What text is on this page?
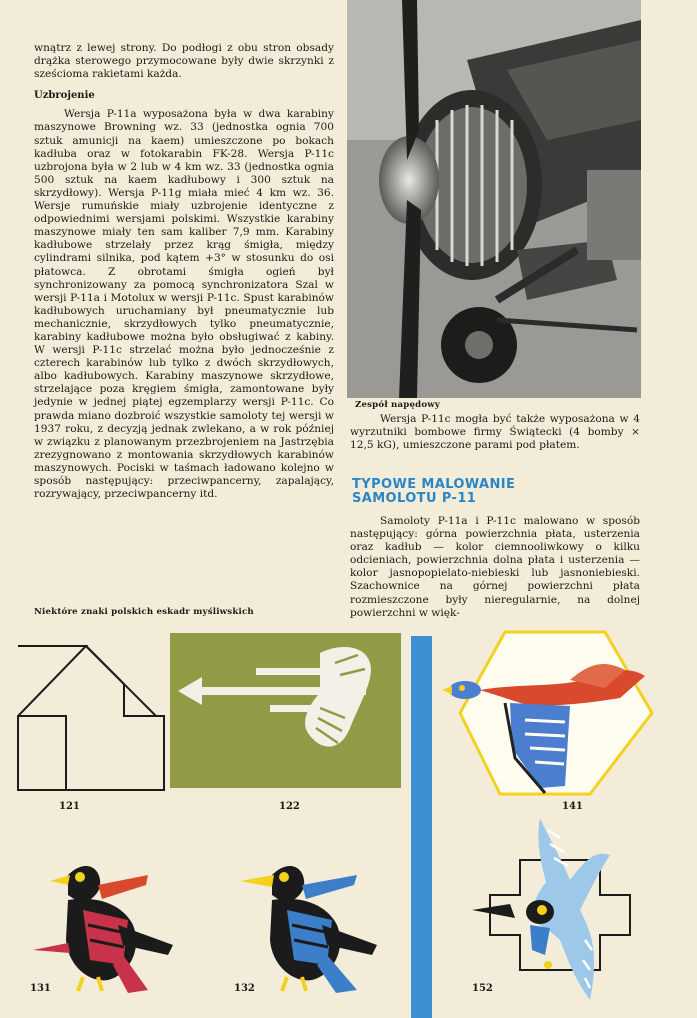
wnątrz z lewej strony. Do podłogi z obu stron obsady drążka sterowego przymocowane były dwie skrzynki z sześcioma rakietami każda.

Uzbrojenie

Wersja P-11a wyposażona była w dwa karabiny maszynowe Browning wz. 33 (jednostka ognia 700 sztuk amunicji na kaem) umieszczone po bokach kadłuba oraz w fotokarabin FK-28. Wersja P-11c uzbrojona była w 2 lub w 4 km wz. 33 (jednostka ognia 500 sztuk na kaem kadłubowy i 300 sztuk na skrzydłowy). Wersja P-11g miała mieć 4 km wz. 36. Wersje rumuńskie miały uzbrojenie identyczne z odpowiednimi wersjami polskimi. Wszystkie karabiny maszynowe miały ten sam kaliber 7,9 mm. Karabiny kadłubowe strzelały przez krąg śmigła, między cylindrami silnika, pod kątem +3° w stosunku do osi płatowca. Z obrotami śmigła ogień był synchronizowany za pomocą synchronizatora Szal w wersji P-11a i Motolux w wersji P-11c. Spust karabinów kadłubowych uruchamiany był pneumatycznie lub mechanicznie, skrzydłowych tylko pneumatycznie, karabiny kadłubowe można było obsługiwać z kabiny. W wersji P-11c strzelać można było jednocześnie z czterech karabinów lub tylko z dwóch skrzydłowych, albo kadłubowych. Karabiny maszynowe skrzydłowe, strzelające poza kręgiem śmigła, zamontowane były jedynie w jednej piątej egzemplarzy wersji P-11c. Co prawda miano dozbroić wszystkie samoloty tej wersji w 1937 roku, z decyzją jednak zwlekano, a w rok później w związku z planowanym przezbrojeniem na Jastrzębia zrezygnowano z montowania skrzydłowych karabinów maszynowych. Pociski w taśmach ładowano kolejno w sposób następujący: przeciwpancerny, zapalający, rozrywający, przeciwpancerny itd.

Niektóre znaki polskich eskadr myśliwskich
Zespół napędowy

Wersja P-11c mogła być także wyposażona w 4 wyrzutniki bombowe firmy Świątecki (4 bomby × 12,5 kG), umieszczone parami pod płatem.

TYPOWE MALOWANIE
SAMOLOTU P-11

Samoloty P-11a i P-11c malowano w sposób następujący: górna powierzchnia płata, usterzenia oraz kadłub — kolor ciemnooliwkowy o kilku odcieniach, powierzchnia dolna płata i usterzenia — kolor jasnopopielato-niebieski lub jasnoniebieski. Szachownice na górnej powierzchni płata rozmieszczone były nieregularnie, na dolnej powierzchni w więk-

121	122	141
131	132	152
